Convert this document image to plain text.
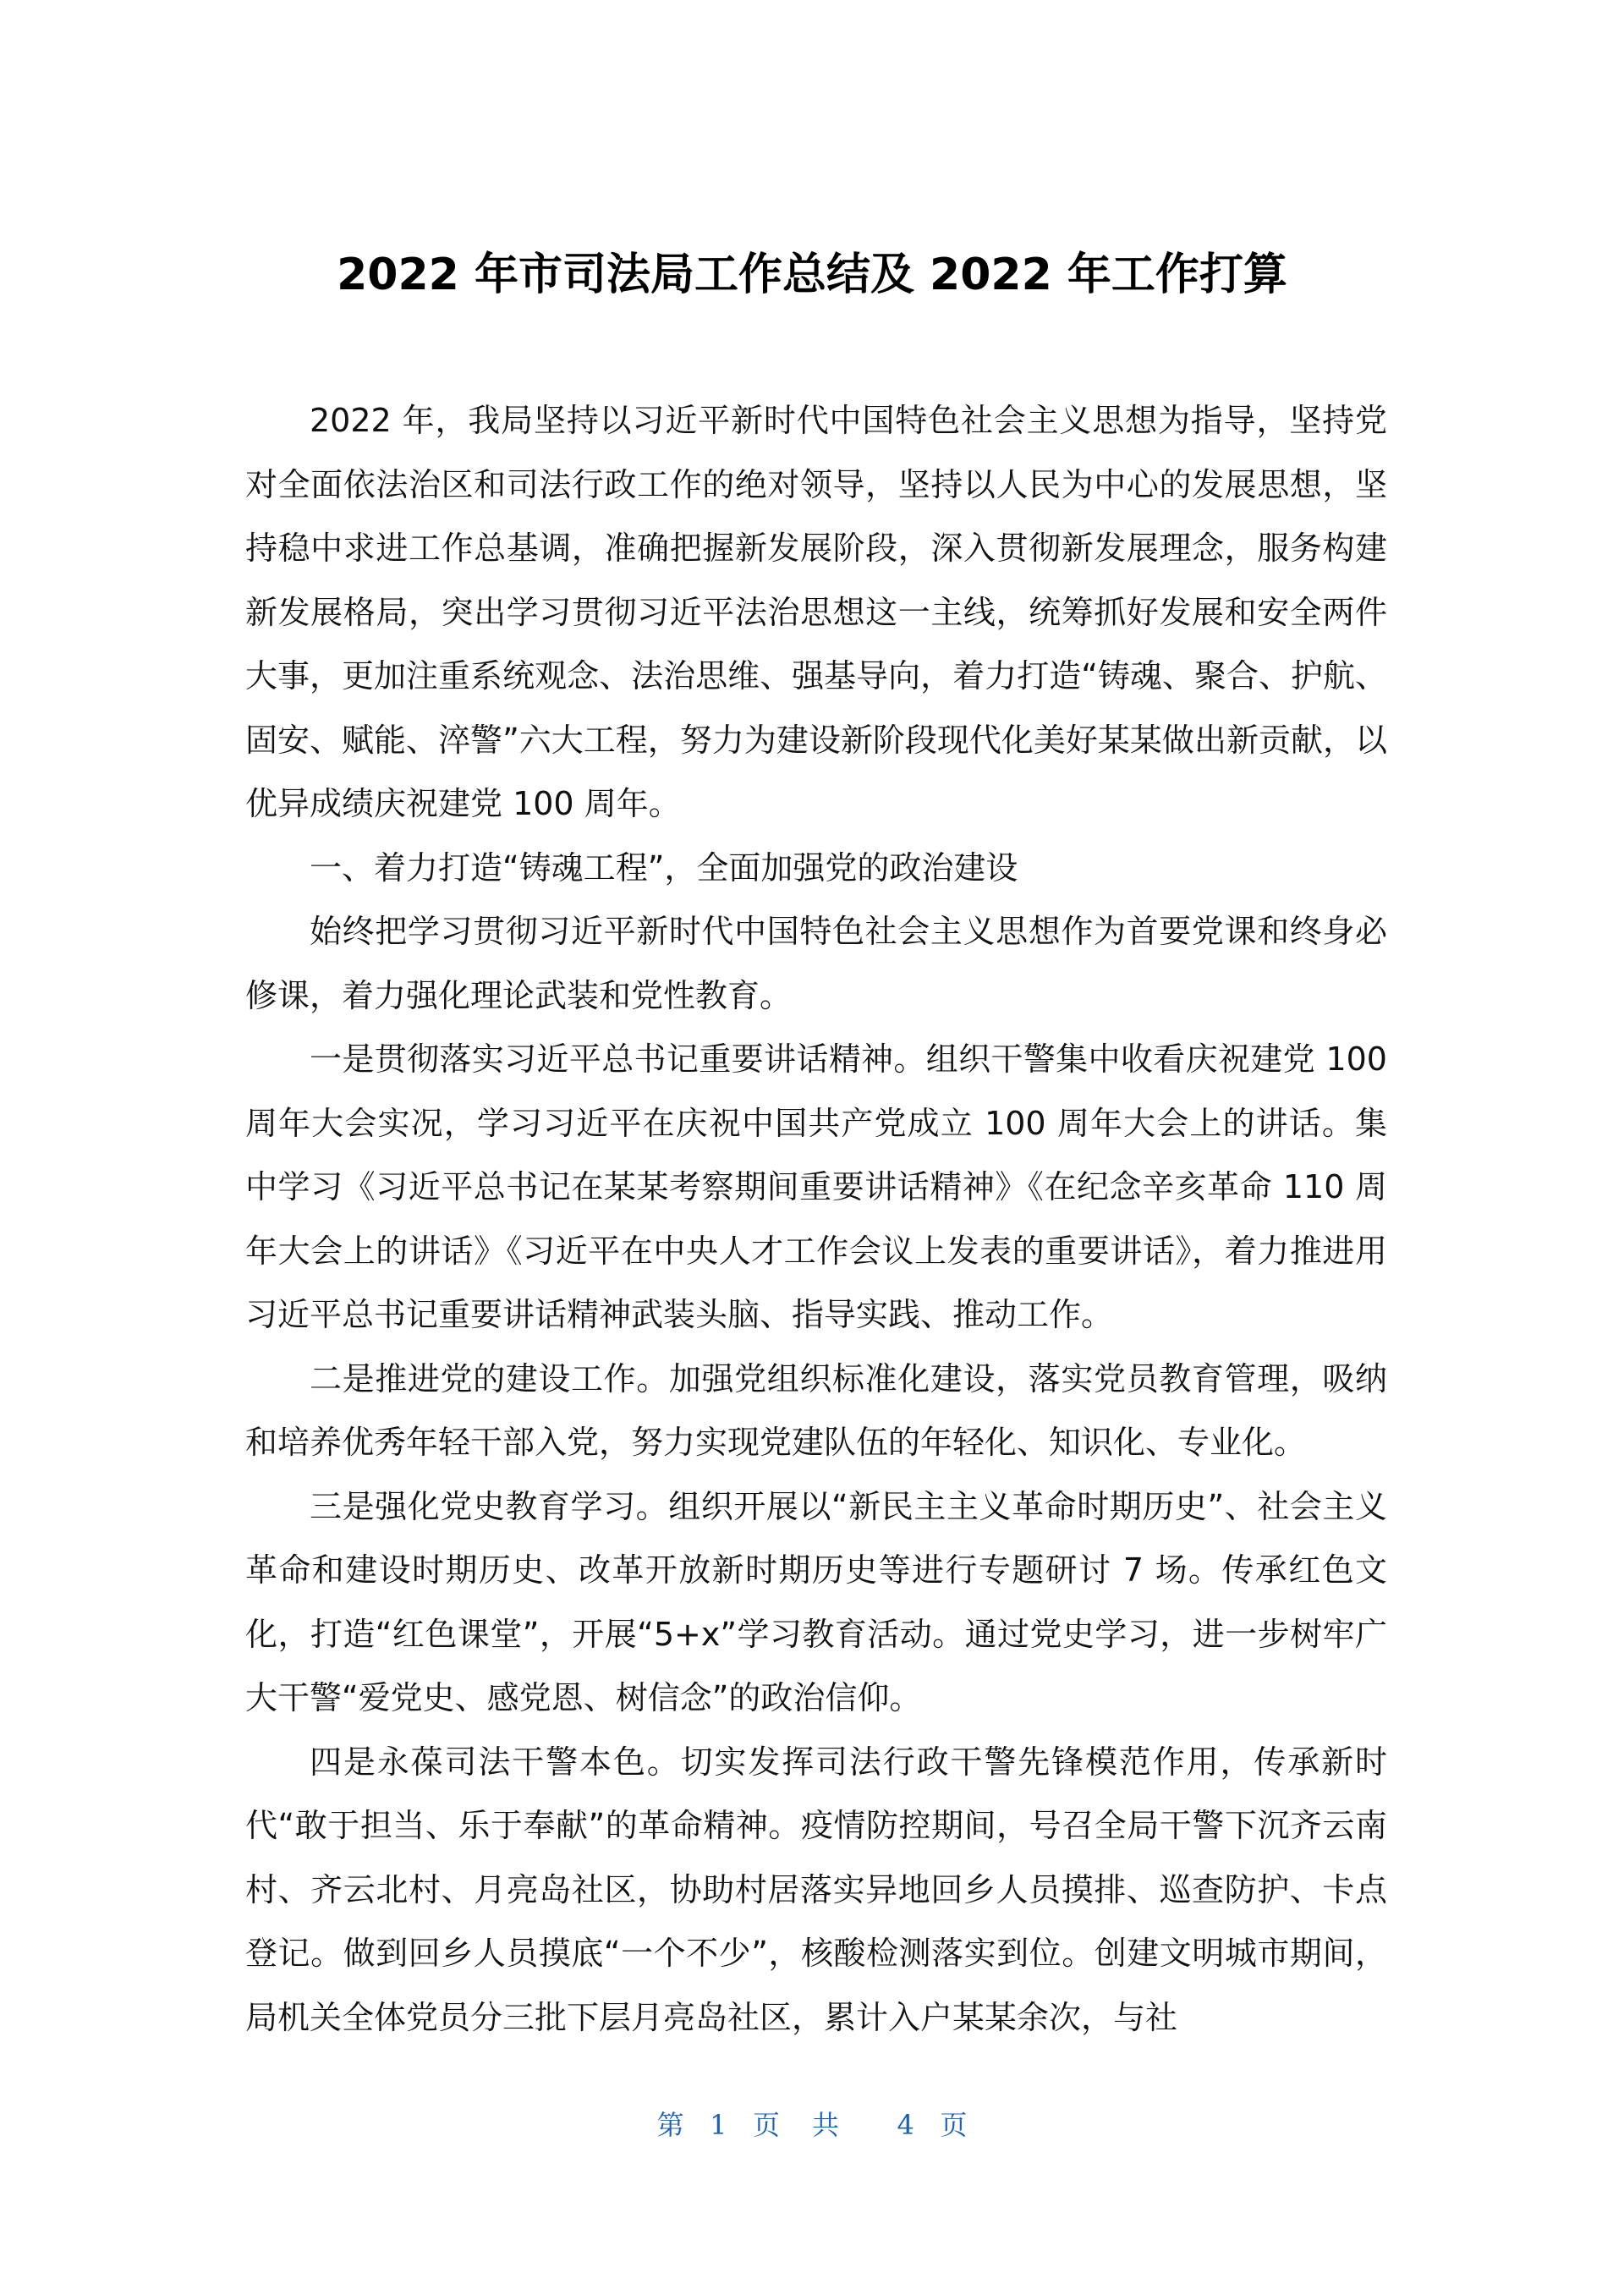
2022 年市司法局工作总结及 2022 年工作打算

2022 年，我局坚持以习近平新时代中国特色社会主义思想为指导，坚持党对全面依法治区和司法行政工作的绝对领导，坚持以人民为中心的发展思想，坚持稳中求进工作总基调，准确把握新发展阶段，深入贯彻新发展理念，服务构建新发展格局，突出学习贯彻习近平法治思想这一主线，统筹抓好发展和安全两件大事，更加注重系统观念、法治思维、强基导向，着力打造“铸魂、聚合、护航、固安、赋能、淬警”六大工程，努力为建设新阶段现代化美好某某做出新贡献，以优异成绩庆祝建党 100 周年。

一、着力打造“铸魂工程”，全面加强党的政治建设

始终把学习贯彻习近平新时代中国特色社会主义思想作为首要党课和终身必修课，着力强化理论武装和党性教育。

一是贯彻落实习近平总书记重要讲话精神。组织干警集中收看庆祝建党 100 周年大会实况，学习习近平在庆祝中国共产党成立 100 周年大会上的讲话。集中学习《习近平总书记在某某考察期间重要讲话精神》《在纪念辛亥革命 110 周年大会上的讲话》《习近平在中央人才工作会议上发表的重要讲话》，着力推进用习近平总书记重要讲话精神武装头脑、指导实践、推动工作。

二是推进党的建设工作。加强党组织标准化建设，落实党员教育管理，吸纳和培养优秀年轻干部入党，努力实现党建队伍的年轻化、知识化、专业化。

三是强化党史教育学习。组织开展以“新民主主义革命时期历史”、社会主义革命和建设时期历史、改革开放新时期历史等进行专题研讨 7 场。传承红色文化，打造“红色课堂”，开展“5+x”学习教育活动。通过党史学习，进一步树牢广大干警“爱党史、感党恩、树信念”的政治信仰。

四是永葆司法干警本色。切实发挥司法行政干警先锋模范作用，传承新时代“敢于担当、乐于奉献”的革命精神。疫情防控期间，号召全局干警下沉齐云南村、齐云北村、月亮岛社区，协助村居落实异地回乡人员摸排、巡查防护、卡点登记。做到回乡人员摸底“一个不少”，核酸检测落实到位。创建文明城市期间，局机关全体党员分三批下层月亮岛社区，累计入户某某余次，与社

第 1 页共 4 页
